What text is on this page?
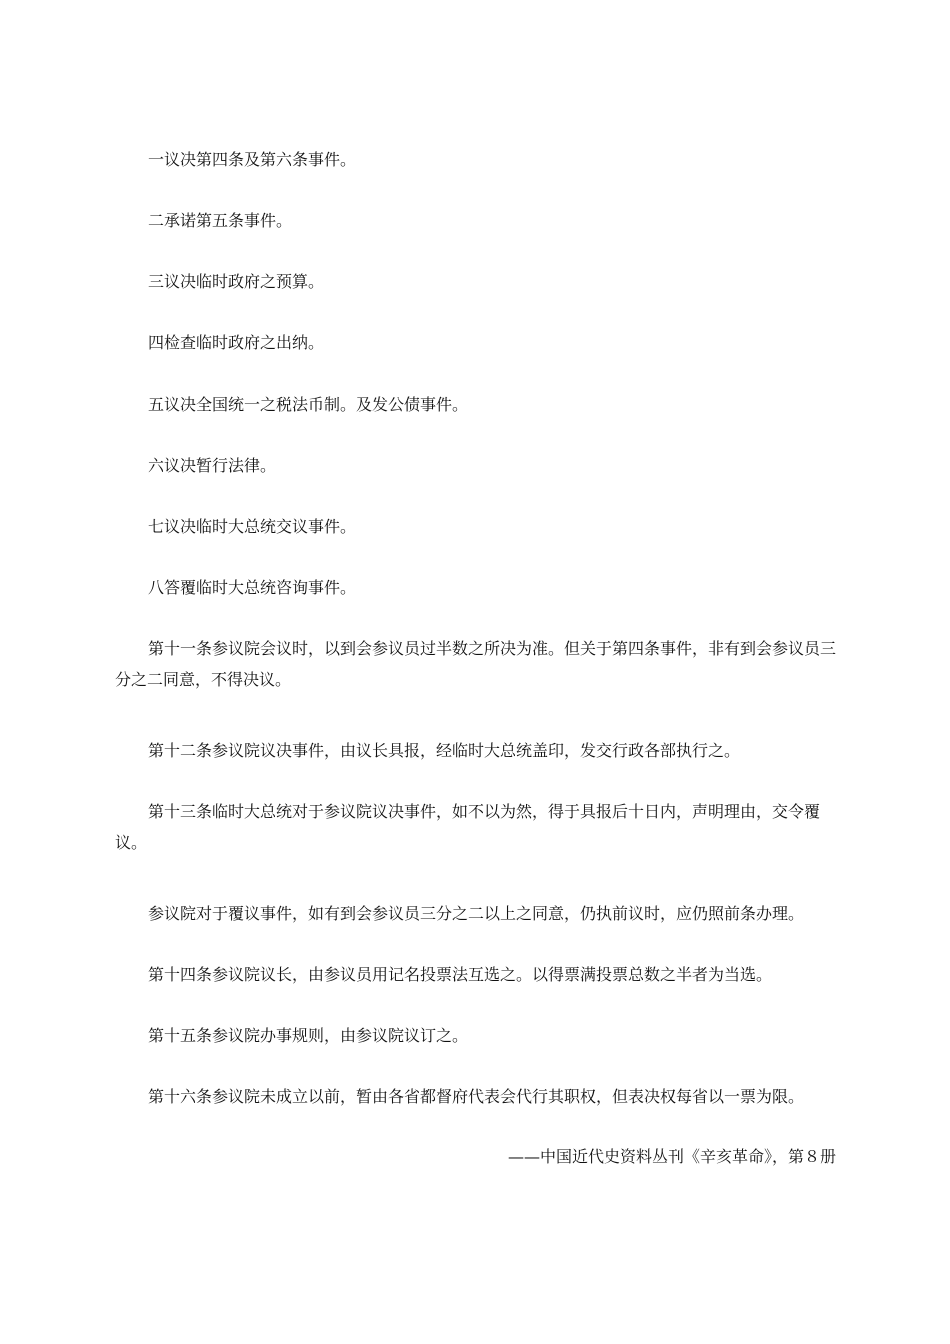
一议决第四条及第六条事件。

二承诺第五条事件。

三议决临时政府之预算。

四检查临时政府之出纳。

五议决全国统一之税法币制。及发公债事件。

六议决暂行法律。

七议决临时大总统交议事件。

八答覆临时大总统咨询事件。

第十一条参议院会议时，以到会参议员过半数之所决为准。但关于第四条事件，非有到会参议员三分之二同意，不得决议。

第十二条参议院议决事件，由议长具报，经临时大总统盖印，发交行政各部执行之。

第十三条临时大总统对于参议院议决事件，如不以为然，得于具报后十日内，声明理由，交令覆议。

参议院对于覆议事件，如有到会参议员三分之二以上之同意，仍执前议时，应仍照前条办理。

第十四条参议院议长，由参议员用记名投票法互选之。以得票满投票总数之半者为当选。

第十五条参议院办事规则，由参议院议订之。

第十六条参议院未成立以前，暂由各省都督府代表会代行其职权，但表决权每省以一票为限。

——中国近代史资料丛刊《辛亥革命》，第８册
